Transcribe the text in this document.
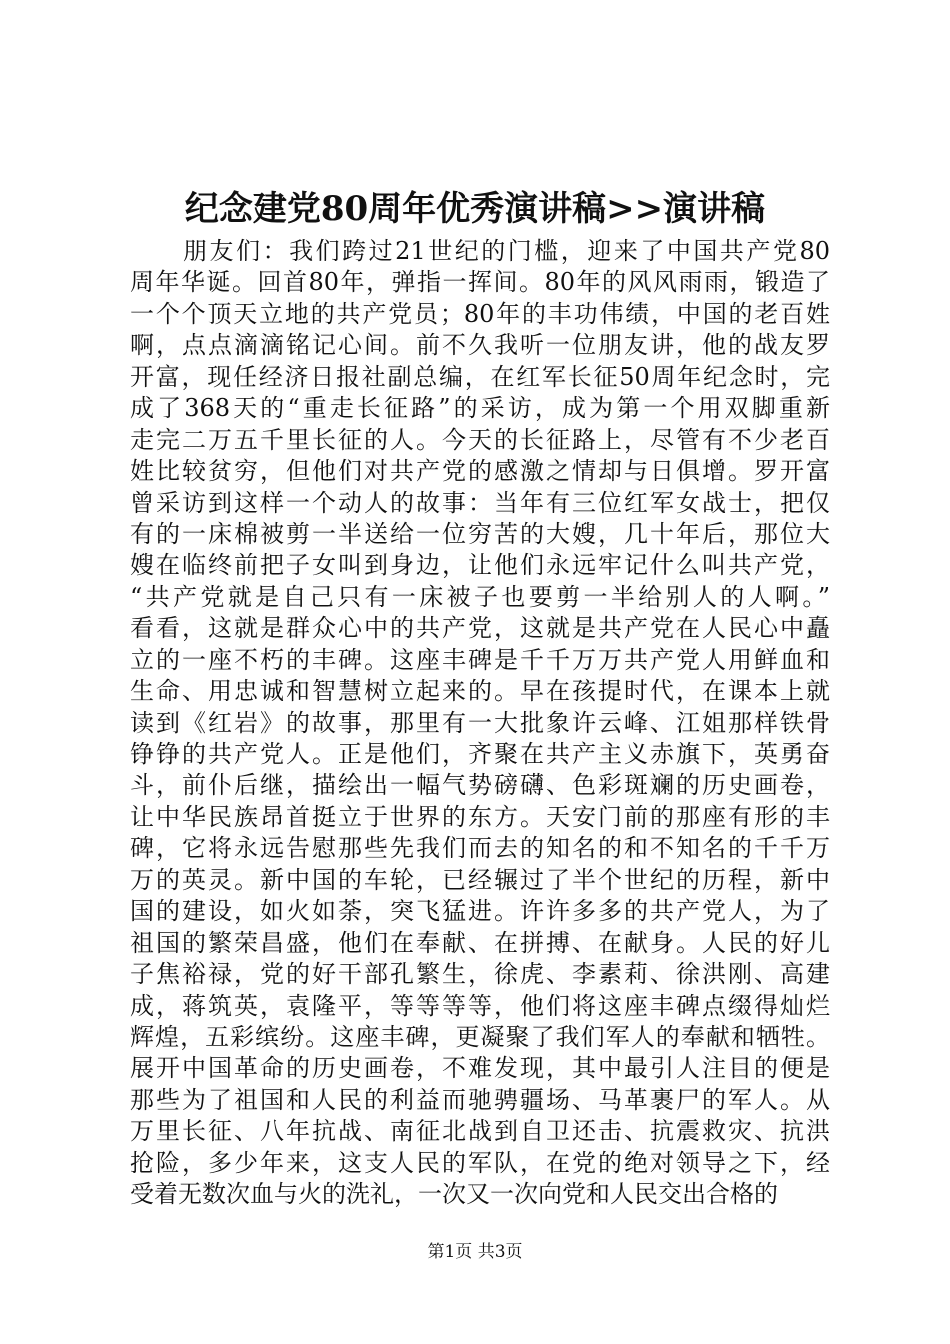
纪念建党80周年优秀演讲稿>>演讲稿
　　朋友们：我们跨过21世纪的门槛，迎来了中国共产党80
周年华诞。回首80年，弹指一挥间。80年的风风雨雨，锻造了
一个个顶天立地的共产党员；80年的丰功伟绩，中国的老百姓
啊，点点滴滴铭记心间。前不久我听一位朋友讲，他的战友罗
开富，现任经济日报社副总编，在红军长征50周年纪念时，完
成了368天的“重走长征路”的采访，成为第一个用双脚重新
走完二万五千里长征的人。今天的长征路上，尽管有不少老百
姓比较贫穷，但他们对共产党的感激之情却与日俱增。罗开富
曾采访到这样一个动人的故事：当年有三位红军女战士，把仅
有的一床棉被剪一半送给一位穷苦的大嫂，几十年后，那位大
嫂在临终前把子女叫到身边，让他们永远牢记什么叫共产党，
“共产党就是自己只有一床被子也要剪一半给别人的人啊。”
看看，这就是群众心中的共产党，这就是共产党在人民心中矗
立的一座不朽的丰碑。这座丰碑是千千万万共产党人用鲜血和
生命、用忠诚和智慧树立起来的。早在孩提时代，在课本上就
读到《红岩》的故事，那里有一大批象许云峰、江姐那样铁骨
铮铮的共产党人。正是他们，齐聚在共产主义赤旗下，英勇奋
斗，前仆后继，描绘出一幅气势磅礴、色彩斑斓的历史画卷，
让中华民族昂首挺立于世界的东方。天安门前的那座有形的丰
碑，它将永远告慰那些先我们而去的知名的和不知名的千千万
万的英灵。新中国的车轮，已经辗过了半个世纪的历程，新中
国的建设，如火如荼，突飞猛进。许许多多的共产党人，为了
祖国的繁荣昌盛，他们在奉献、在拼搏、在献身。人民的好儿
子焦裕禄，党的好干部孔繁生，徐虎、李素莉、徐洪刚、高建
成，蒋筑英，袁隆平，等等等等，他们将这座丰碑点缀得灿烂
辉煌，五彩缤纷。这座丰碑，更凝聚了我们军人的奉献和牺牲。
展开中国革命的历史画卷，不难发现，其中最引人注目的便是
那些为了祖国和人民的利益而驰骋疆场、马革裹尸的军人。从
万里长征、八年抗战、南征北战到自卫还击、抗震救灾、抗洪
抢险，多少年来，这支人民的军队，在党的绝对领导之下，经
受着无数次血与火的洗礼，一次又一次向党和人民交出合格的
第1页 共3页
